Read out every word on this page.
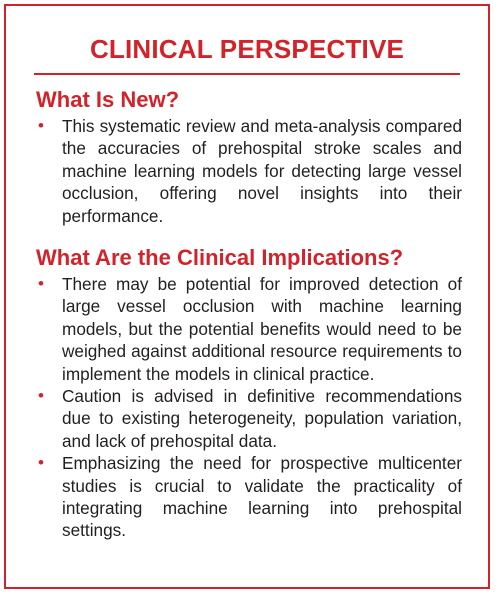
CLINICAL PERSPECTIVE
What Is New?
• This systematic review and meta-analysis compared the accuracies of prehospital stroke scales and machine learning models for detecting large vessel occlusion, offering novel insights into their performance.
What Are the Clinical Implications?
• There may be potential for improved detection of large vessel occlusion with machine learning models, but the potential benefits would need to be weighed against additional resource requirements to implement the models in clinical practice.
• Caution is advised in definitive recommendations due to existing heterogeneity, population variation, and lack of prehospital data.
• Emphasizing the need for prospective multicenter studies is crucial to validate the practicality of integrating machine learning into prehospital settings.
